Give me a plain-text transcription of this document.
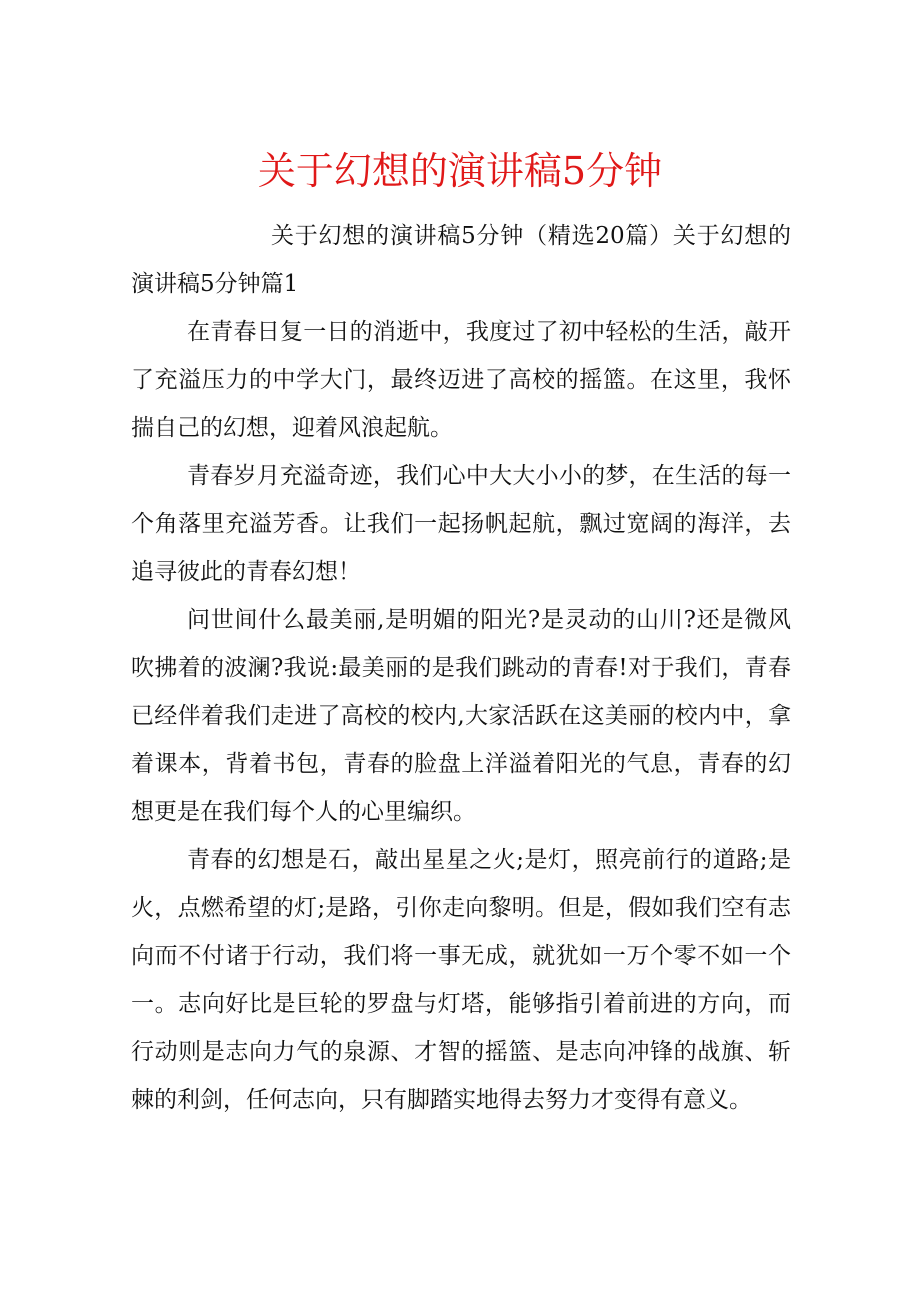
关于幻想的演讲稿5分钟

关于幻想的演讲稿5分钟（精选20篇）关于幻想的演讲稿5分钟篇1

在青春日复一日的消逝中，我度过了初中轻松的生活，敲开了充溢压力的中学大门，最终迈进了高校的摇篮。在这里，我怀揣自己的幻想，迎着风浪起航。

青春岁月充溢奇迹，我们心中大大小小的梦，在生活的每一个角落里充溢芳香。让我们一起扬帆起航，飘过宽阔的海洋，去追寻彼此的青春幻想！

问世间什么最美丽,是明媚的阳光?是灵动的山川?还是微风吹拂着的波澜?我说:最美丽的是我们跳动的青春!对于我们，青春已经伴着我们走进了高校的校内,大家活跃在这美丽的校内中，拿着课本，背着书包，青春的脸盘上洋溢着阳光的气息，青春的幻想更是在我们每个人的心里编织。

青春的幻想是石，敲出星星之火;是灯，照亮前行的道路;是火，点燃希望的灯;是路，引你走向黎明。但是，假如我们空有志向而不付诸于行动，我们将一事无成，就犹如一万个零不如一个一。志向好比是巨轮的罗盘与灯塔，能够指引着前进的方向，而行动则是志向力气的泉源、才智的摇篮、是志向冲锋的战旗、斩棘的利剑，任何志向，只有脚踏实地得去努力才变得有意义。
